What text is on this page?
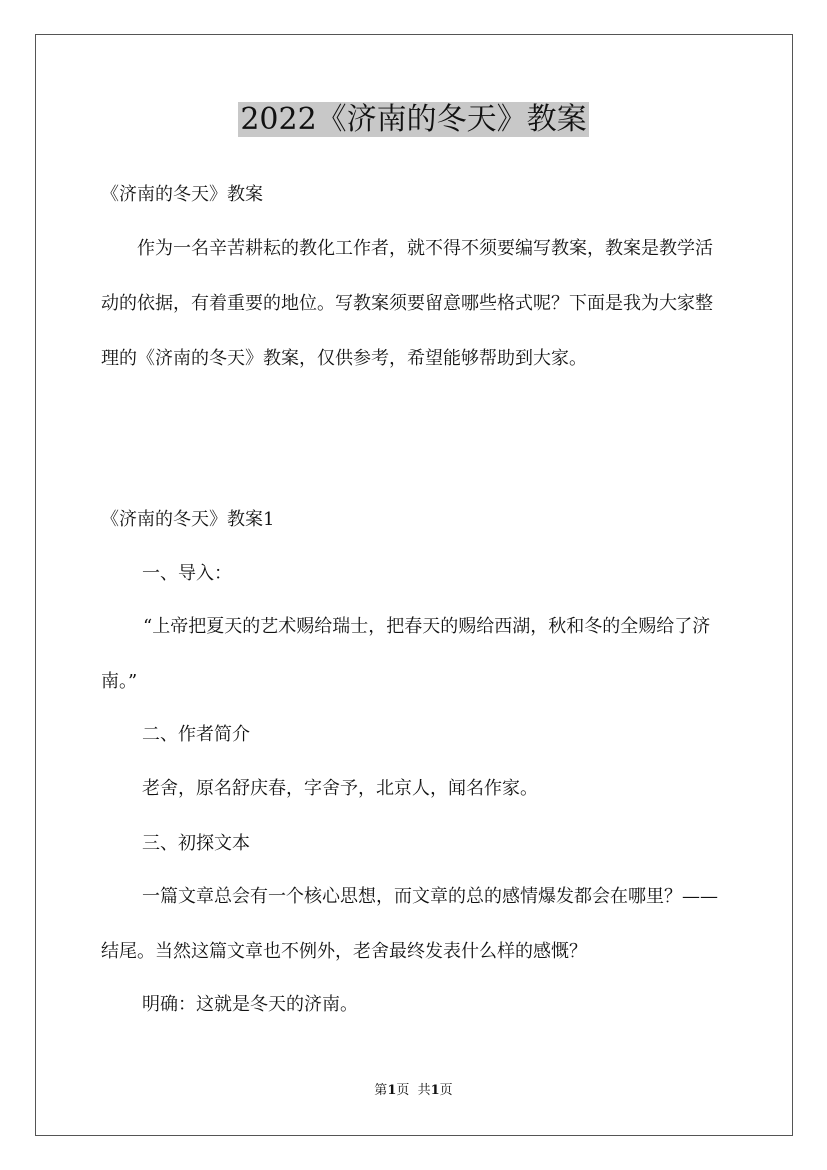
2022《济南的冬天》教案
《济南的冬天》教案
作为一名辛苦耕耘的教化工作者，就不得不须要编写教案，教案是教学活动的依据，有着重要的地位。写教案须要留意哪些格式呢？下面是我为大家整理的《济南的冬天》教案，仅供参考，希望能够帮助到大家。
《济南的冬天》教案1
一、导入：
“上帝把夏天的艺术赐给瑞士，把春天的赐给西湖，秋和冬的全赐给了济南。”
二、作者简介
老舍，原名舒庆春，字舍予，北京人，闻名作家。
三、初探文本
一篇文章总会有一个核心思想，而文章的总的感情爆发都会在哪里？——结尾。当然这篇文章也不例外，老舍最终发表什么样的感慨？
明确：这就是冬天的济南。
第1页  共1页
